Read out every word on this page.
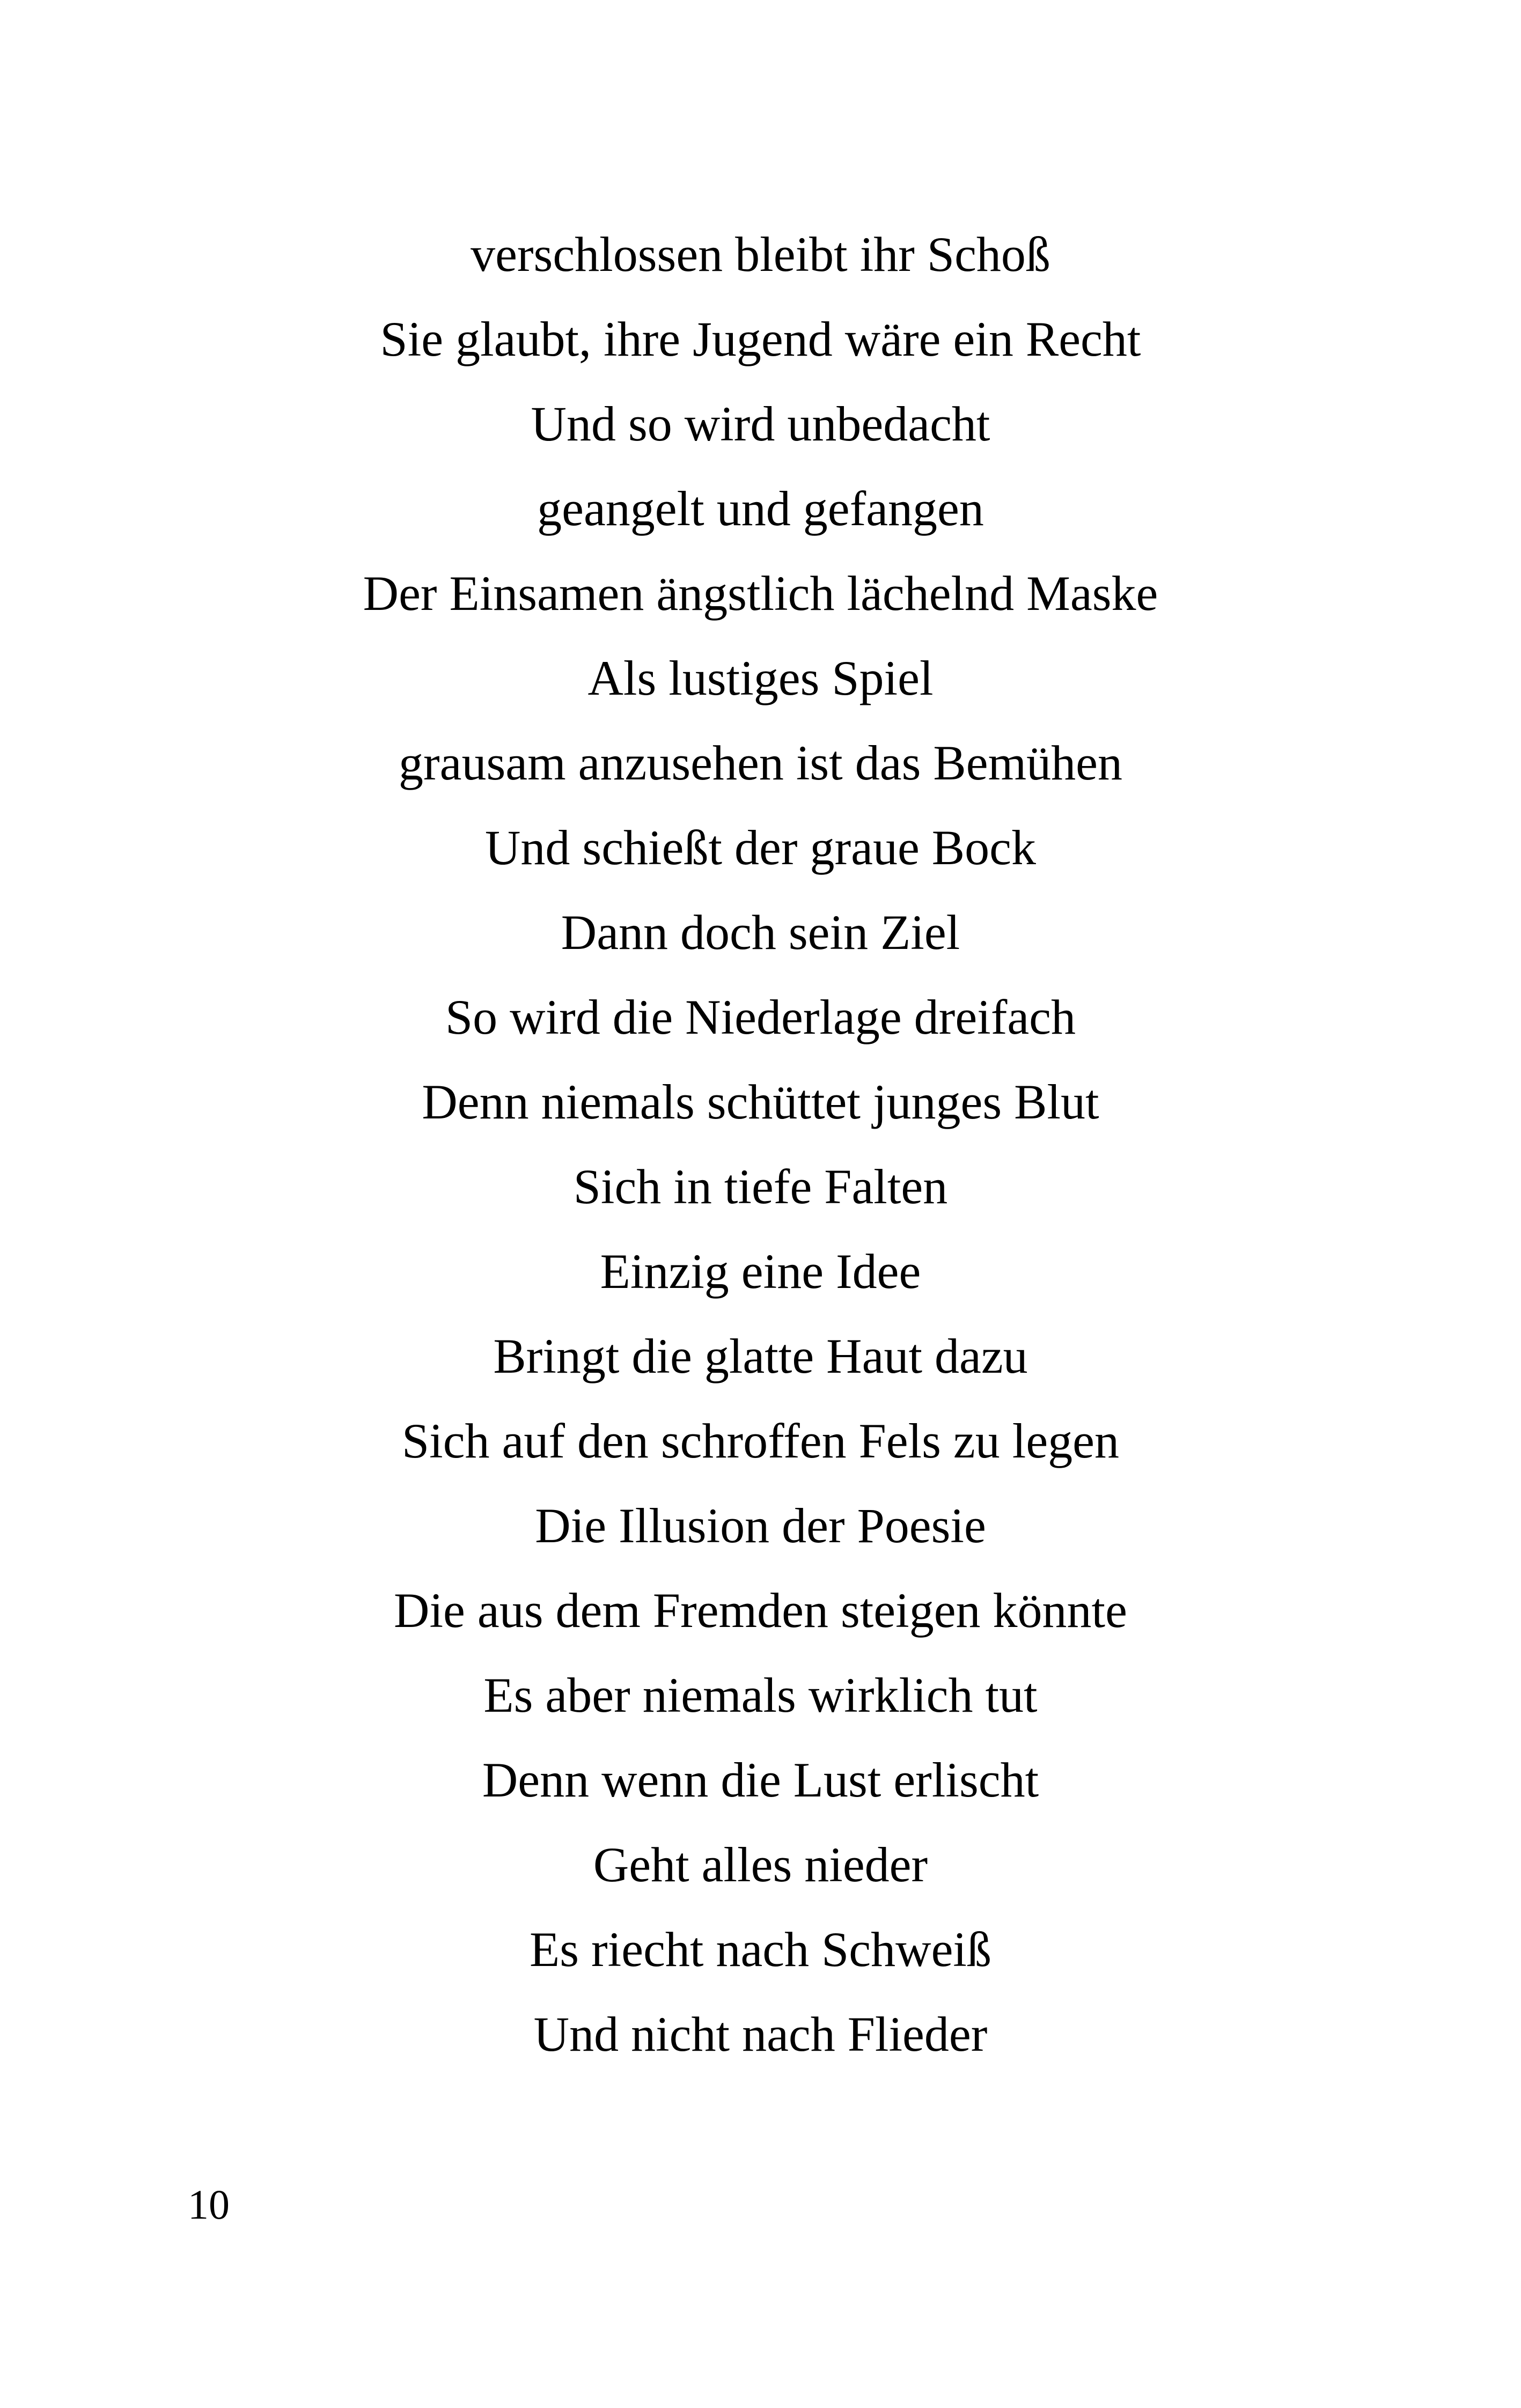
verschlossen bleibt ihr Schoß
Sie glaubt, ihre Jugend wäre ein Recht
Und so wird unbedacht
geangelt und gefangen
Der Einsamen ängstlich lächelnd Maske
Als lustiges Spiel
grausam anzusehen ist das Bemühen
Und schießt der graue Bock
Dann doch sein Ziel
So wird die Niederlage dreifach
Denn niemals schüttet junges Blut
Sich in tiefe Falten
Einzig eine Idee
Bringt die glatte Haut dazu
Sich auf den schroffen Fels zu legen
Die Illusion der Poesie
Die aus dem Fremden steigen könnte
Es aber niemals wirklich tut
Denn wenn die Lust erlischt
Geht alles nieder
Es riecht nach Schweiß
Und nicht nach Flieder
10
